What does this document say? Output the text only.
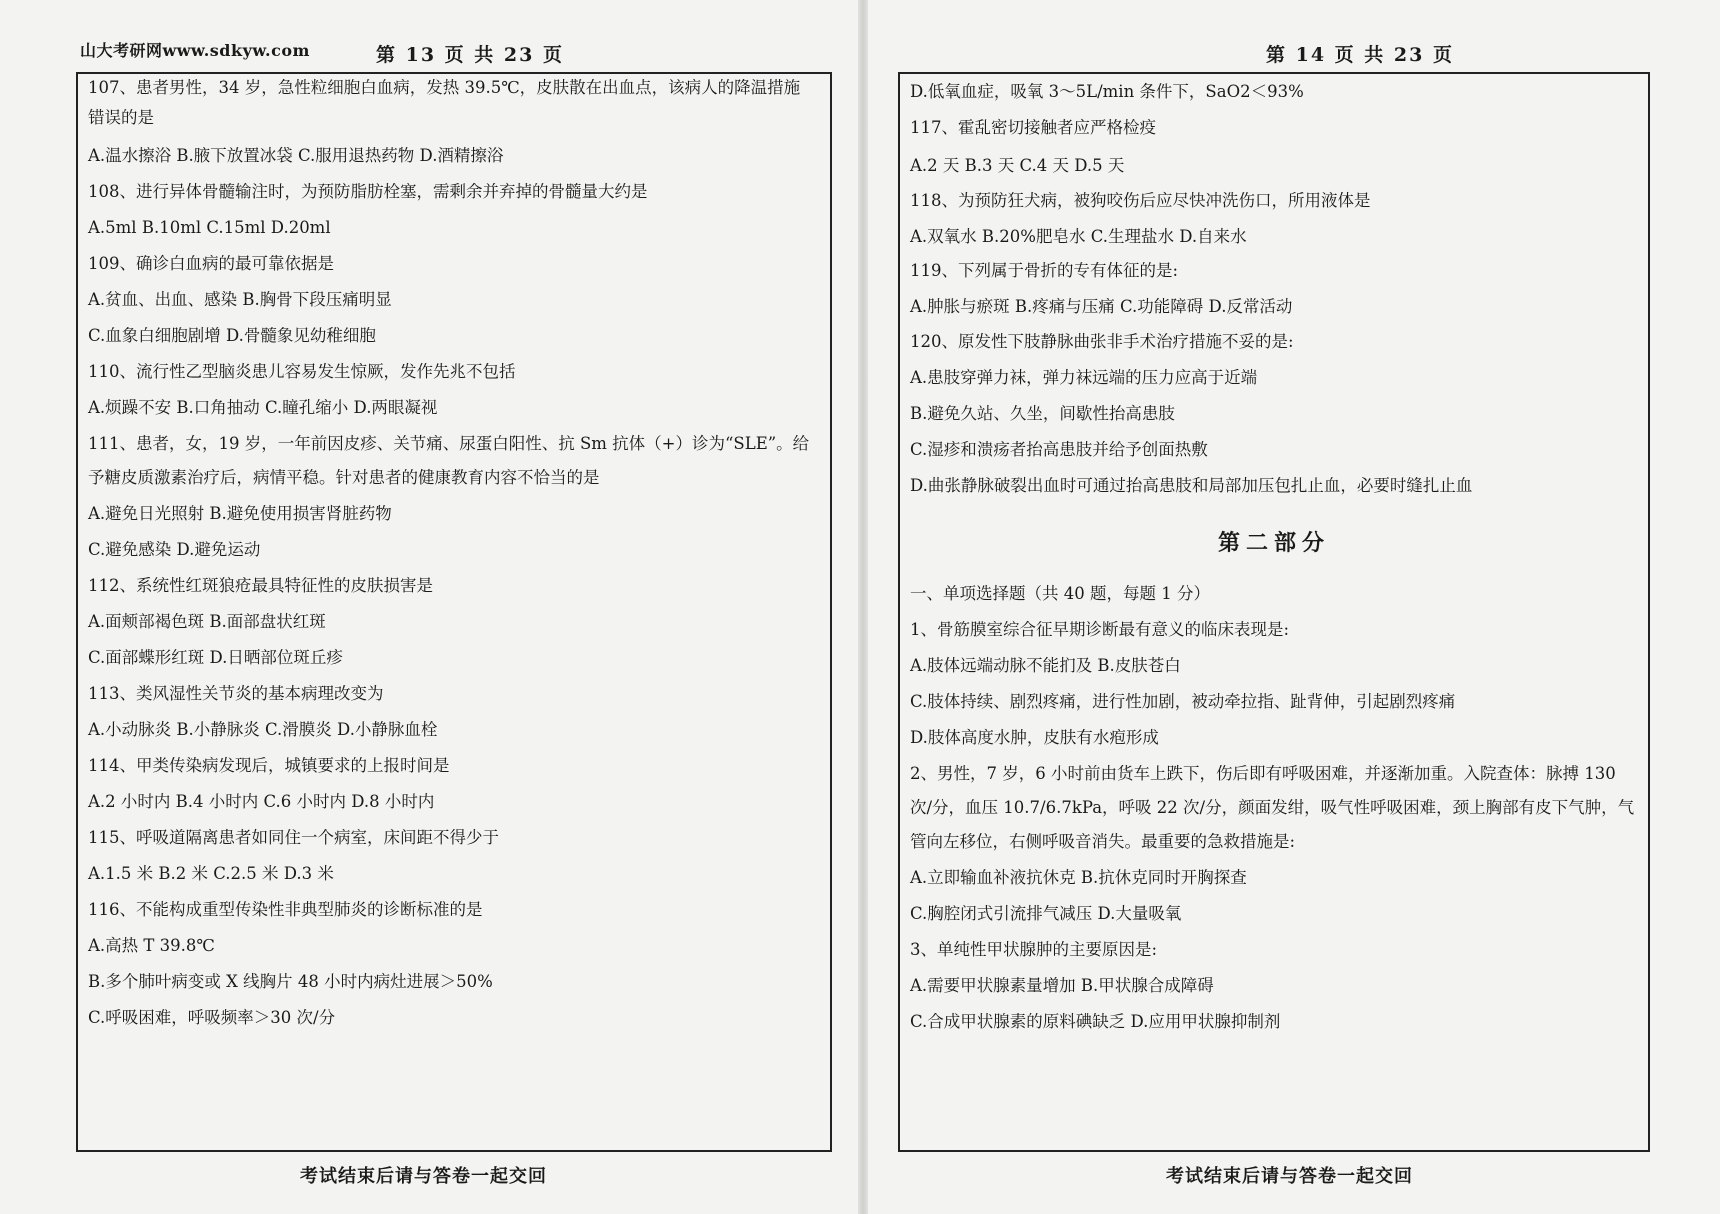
山大考研网www.sdkyw.com	第 13 页 共 23 页
107、患者男性，34 岁，急性粒细胞白血病，发热 39.5℃，皮肤散在出血点，该病人的降温措施
错误的是
A.温水擦浴 B.腋下放置冰袋 C.服用退热药物 D.酒精擦浴
108、进行异体骨髓输注时，为预防脂肪栓塞，需剩余并弃掉的骨髓量大约是
A.5ml B.10ml C.15ml D.20ml
109、确诊白血病的最可靠依据是
A.贫血、出血、感染 B.胸骨下段压痛明显
C.血象白细胞剧增 D.骨髓象见幼稚细胞
110、流行性乙型脑炎患儿容易发生惊厥，发作先兆不包括
A.烦躁不安 B.口角抽动 C.瞳孔缩小 D.两眼凝视
111、患者，女，19 岁，一年前因皮疹、关节痛、尿蛋白阳性、抗 Sm 抗体（+）诊为“SLE”。给
予糖皮质激素治疗后，病情平稳。针对患者的健康教育内容不恰当的是
A.避免日光照射 B.避免使用损害肾脏药物
C.避免感染 D.避免运动
112、系统性红斑狼疮最具特征性的皮肤损害是
A.面颊部褐色斑 B.面部盘状红斑
C.面部蝶形红斑 D.日晒部位斑丘疹
113、类风湿性关节炎的基本病理改变为
A.小动脉炎 B.小静脉炎 C.滑膜炎 D.小静脉血栓
114、甲类传染病发现后，城镇要求的上报时间是
A.2 小时内 B.4 小时内 C.6 小时内 D.8 小时内
115、呼吸道隔离患者如同住一个病室，床间距不得少于
A.1.5 米 B.2 米 C.2.5 米 D.3 米
116、不能构成重型传染性非典型肺炎的诊断标准的是
A.高热 T 39.8℃
B.多个肺叶病变或 X 线胸片 48 小时内病灶进展＞50%
C.呼吸困难，呼吸频率＞30 次/分
考试结束后请与答卷一起交回
第 14 页 共 23 页
D.低氧血症，吸氧 3～5L/min 条件下，SaO2＜93%
117、霍乱密切接触者应严格检疫
A.2 天 B.3 天 C.4 天 D.5 天
118、为预防狂犬病，被狗咬伤后应尽快冲洗伤口，所用液体是
A.双氧水 B.20%肥皂水 C.生理盐水 D.自来水
119、下列属于骨折的专有体征的是:
A.肿胀与瘀斑 B.疼痛与压痛 C.功能障碍 D.反常活动
120、原发性下肢静脉曲张非手术治疗措施不妥的是:
A.患肢穿弹力袜，弹力袜远端的压力应高于近端
B.避免久站、久坐，间歇性抬高患肢
C.湿疹和溃疡者抬高患肢并给予创面热敷
D.曲张静脉破裂出血时可通过抬高患肢和局部加压包扎止血，必要时缝扎止血
第二部分
一、单项选择题（共 40 题，每题 1 分）
1、骨筋膜室综合征早期诊断最有意义的临床表现是:
A.肢体远端动脉不能扪及 B.皮肤苍白
C.肢体持续、剧烈疼痛，进行性加剧，被动牵拉指、趾背伸，引起剧烈疼痛
D.肢体高度水肿，皮肤有水疱形成
2、男性，7 岁，6 小时前由货车上跌下，伤后即有呼吸困难，并逐渐加重。入院查体：脉搏 130
次/分，血压 10.7/6.7kPa，呼吸 22 次/分，颜面发绀，吸气性呼吸困难，颈上胸部有皮下气肿，气
管向左移位，右侧呼吸音消失。最重要的急救措施是:
A.立即输血补液抗休克 B.抗休克同时开胸探查
C.胸腔闭式引流排气减压 D.大量吸氧
3、单纯性甲状腺肿的主要原因是:
A.需要甲状腺素量增加 B.甲状腺合成障碍
C.合成甲状腺素的原料碘缺乏 D.应用甲状腺抑制剂
考试结束后请与答卷一起交回
